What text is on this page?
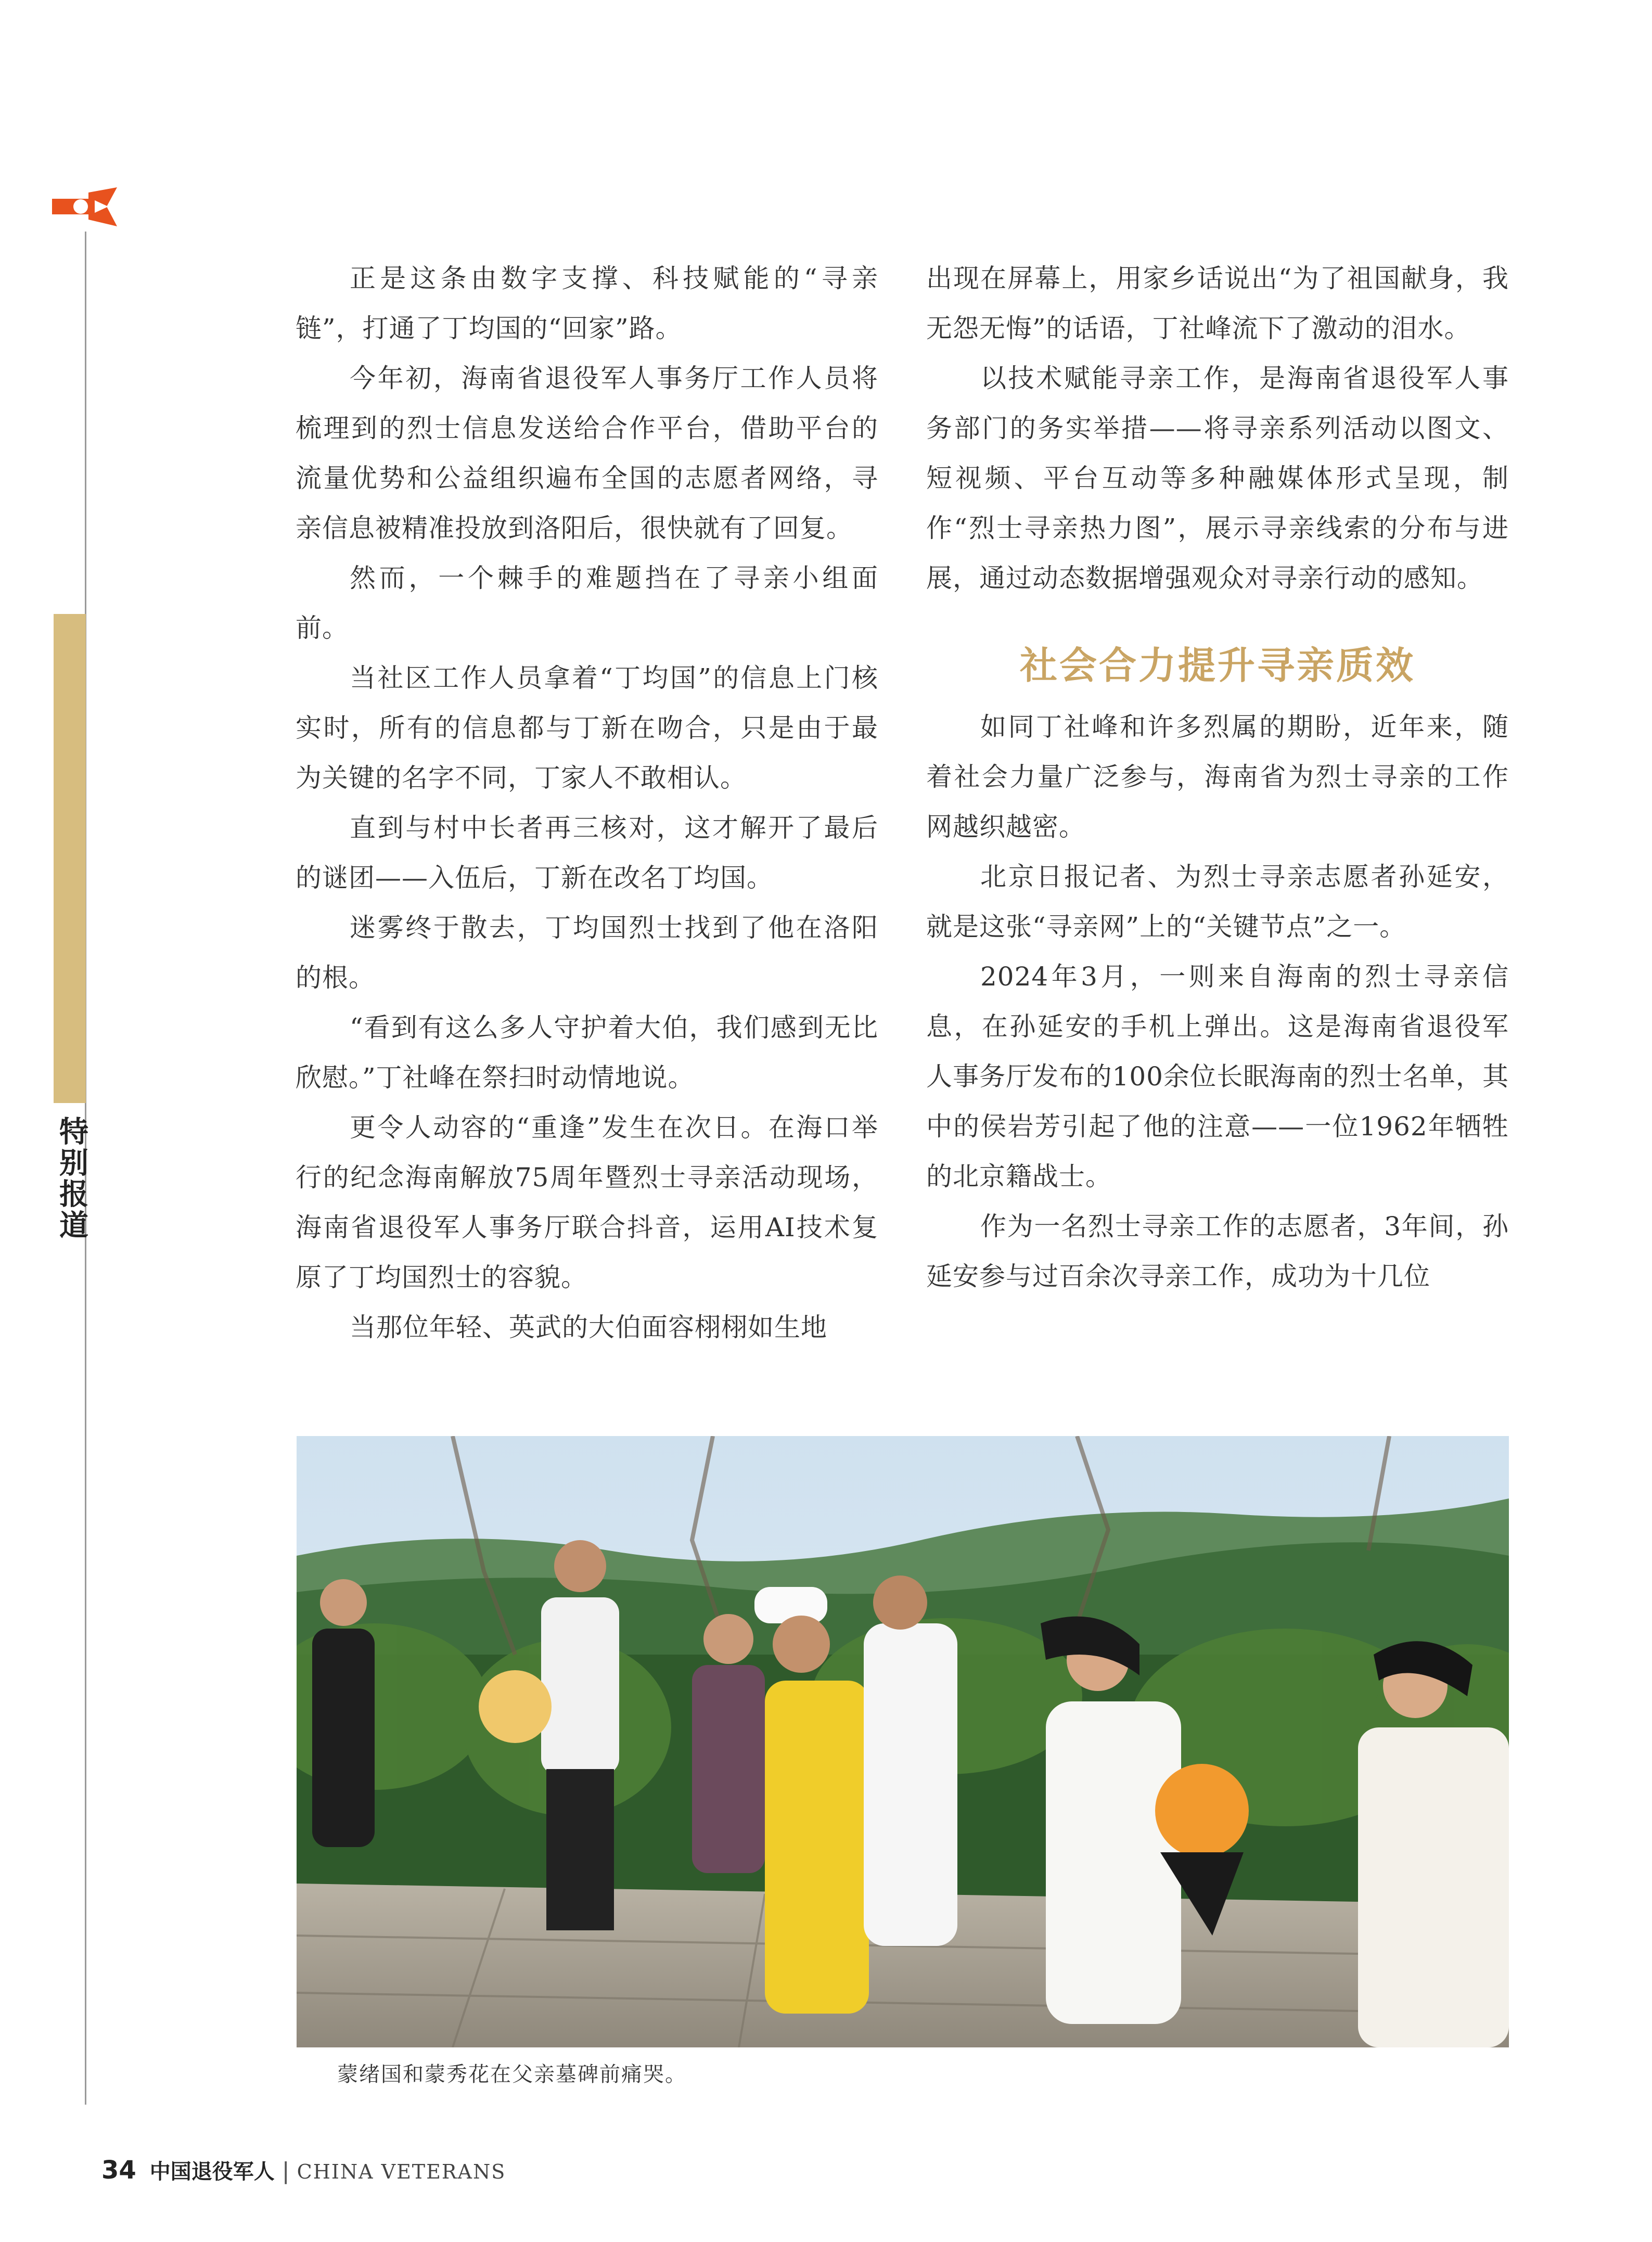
特别报道

正是这条由数字支撑、科技赋能的“寻亲链”，打通了丁均国的“回家”路。

今年初，海南省退役军人事务厅工作人员将梳理到的烈士信息发送给合作平台，借助平台的流量优势和公益组织遍布全国的志愿者网络，寻亲信息被精准投放到洛阳后，很快就有了回复。

然而，一个棘手的难题挡在了寻亲小组面前。

当社区工作人员拿着“丁均国”的信息上门核实时，所有的信息都与丁新在吻合，只是由于最为关键的名字不同，丁家人不敢相认。

直到与村中长者再三核对，这才解开了最后的谜团——入伍后，丁新在改名丁均国。

迷雾终于散去，丁均国烈士找到了他在洛阳的根。

“看到有这么多人守护着大伯，我们感到无比欣慰。”丁社峰在祭扫时动情地说。

更令人动容的“重逢”发生在次日。在海口举行的纪念海南解放75周年暨烈士寻亲活动现场，海南省退役军人事务厅联合抖音，运用AI技术复原了丁均国烈士的容貌。

当那位年轻、英武的大伯面容栩栩如生地

出现在屏幕上，用家乡话说出“为了祖国献身，我无怨无悔”的话语，丁社峰流下了激动的泪水。

以技术赋能寻亲工作，是海南省退役军人事务部门的务实举措——将寻亲系列活动以图文、短视频、平台互动等多种融媒体形式呈现，制作“烈士寻亲热力图”，展示寻亲线索的分布与进展，通过动态数据增强观众对寻亲行动的感知。

社会合力提升寻亲质效

如同丁社峰和许多烈属的期盼，近年来，随着社会力量广泛参与，海南省为烈士寻亲的工作网越织越密。

北京日报记者、为烈士寻亲志愿者孙延安，就是这张“寻亲网”上的“关键节点”之一。

2024年3月，一则来自海南的烈士寻亲信息，在孙延安的手机上弹出。这是海南省退役军人事务厅发布的100余位长眠海南的烈士名单，其中的侯岩芳引起了他的注意——一位1962年牺牲的北京籍战士。

作为一名烈士寻亲工作的志愿者，3年间，孙延安参与过百余次寻亲工作，成功为十几位

蒙绪国和蒙秀花在父亲墓碑前痛哭。
34 中国退役军人 | CHINA VETERANS
